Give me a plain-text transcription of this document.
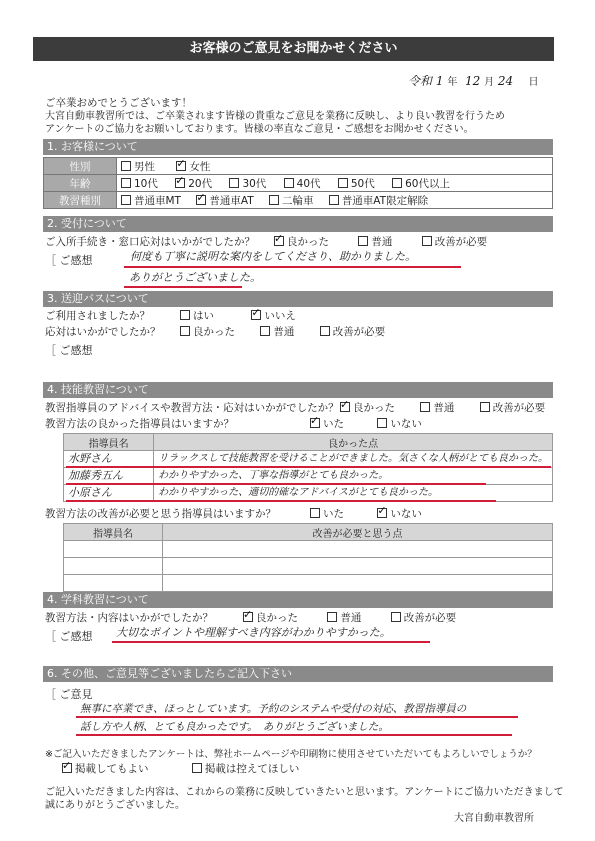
お客様のご意見をお聞かせください
令和 1 年 12 月 24 日
ご卒業おめでとうございます！
大宮自動車教習所では、ご卒業されます皆様の貴重なご意見を業務に反映し、より良い教習を行うため
アンケートのご協力をお願いしております。皆様の率直なご意見・ご感想をお聞かせください。
1. お客様について
性別	男性 ✓ 女性
年齢	10代 ✓ 20代 30代 40代 50代 60代以上
教習種別	普通車MT ✓ 普通車AT 二輪車 普通車AT限定解除
2. 受付について
ご入所手続き・窓口応対はいかがでしたか？ ✓	良かった	普通	改善が必要
［ ご感想	何度も丁寧に説明な案内をしてくださり、助かりました。
ありがとうございました。
3. 送迎バスについて
ご利用されましたか？	はい ✓	いいえ
応対はいかがでしたか？	良かった	普通	改善が必要
［ ご感想
4. 技能教習について
教習指導員のアドバイスや教習方法・応対はいかがでしたか？ ✓	良かった	普通	改善が必要
教習方法の良かった指導員はいますか？ ✓	いた	いない
指導員名	良かった点
水野さん	リラックスして技能教習を受けることができました。気さくな人柄がとても良かった。
加藤秀五ん	わかりやすかった、丁寧な指導がとても良かった。
小原さん	わかりやすかった、適切的確なアドバイスがとても良かった。
教習方法の改善が必要と思う指導員はいますか？	いた ✓	いない
指導員名	改善が必要と思う点

4. 学科教習について
教習方法・内容はいかがでしたか？ ✓	良かった	普通	改善が必要
［ ご感想 大切なポイントや理解すべき内容がわかりやすかった。
6. その他、ご意見等ございましたらご記入下さい
［ ご意見
無事に卒業でき、ほっとしています。予約のシステムや受付の対応、教習指導員の
話し方や人柄、とても良かったです。　ありがとうございました。
※ご記入いただきましたアンケートは、弊社ホームページや印刷物に使用させていただいてもよろしいでしょうか？
✓掲載してもよい	掲載は控えてほしい
ご記入いただきました内容は、これからの業務に反映していきたいと思います。アンケートにご協力いただきまして
誠にありがとうございました。
大宮自動車教習所
